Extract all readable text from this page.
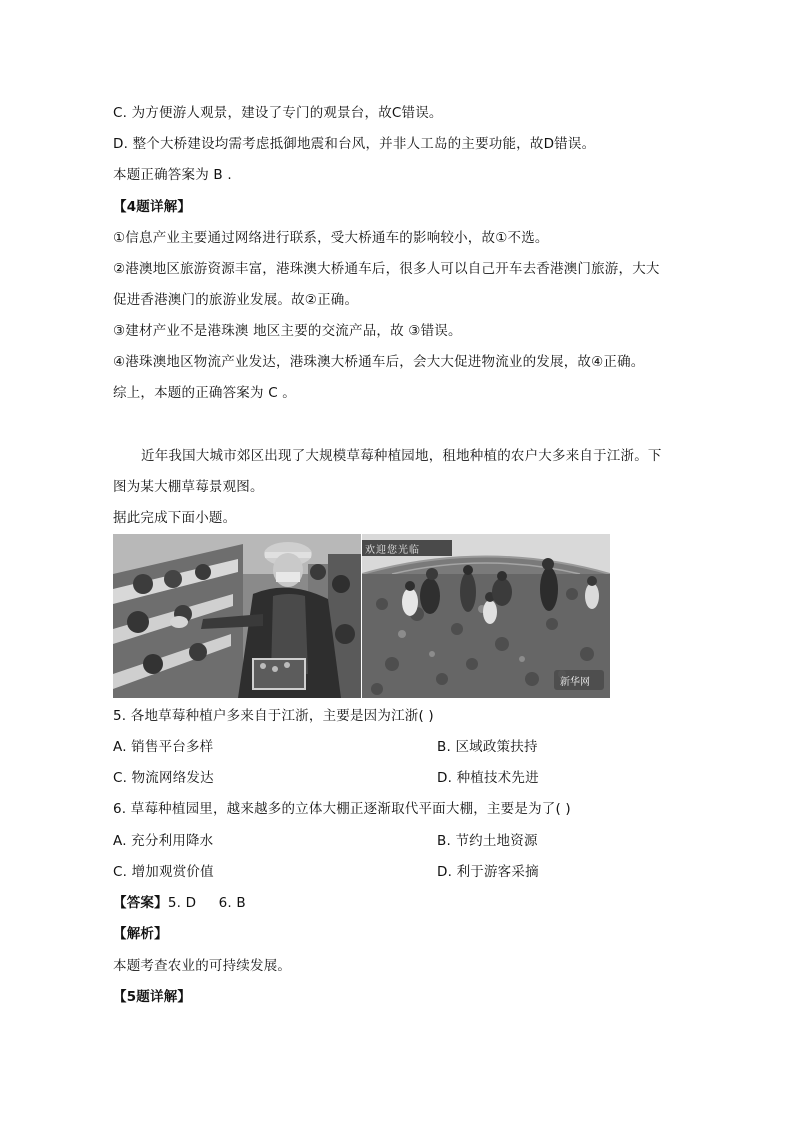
C. 为方便游人观景，建设了专门的观景台，故C错误。
D. 整个大桥建设均需考虑抵御地震和台风，并非人工岛的主要功能，故D错误。
本题正确答案为 B .
【4题详解】
①信息产业主要通过网络进行联系，受大桥通车的影响较小，故①不选。
②港澳地区旅游资源丰富，港珠澳大桥通车后，很多人可以自己开车去香港澳门旅游，大大
促进香港澳门的旅游业发展。故②正确。
③建材产业不是港珠澳 地区主要的交流产品，故 ③错误。
④港珠澳地区物流产业发达，港珠澳大桥通车后，会大大促进物流业的发展，故④正确。
综上，本题的正确答案为 C 。
近年我国大城市郊区出现了大规模草莓种植园地，租地种植的农户大多来自于江浙。下
图为某大棚草莓景观图。
据此完成下面小题。
欢迎您光临
新华网
5. 各地草莓种植户多来自于江浙，主要是因为江浙( )
A. 销售平台多样	B. 区域政策扶持
C. 物流网络发达	D. 种植技术先进
6. 草莓种植园里，越来越多的立体大棚正逐渐取代平面大棚，主要是为了( )
A. 充分利用降水	B. 节约土地资源
C. 增加观赏价值	D. 利于游客采摘
【答案】5. D     6. B
【解析】
本题考查农业的可持续发展。
【5题详解】
